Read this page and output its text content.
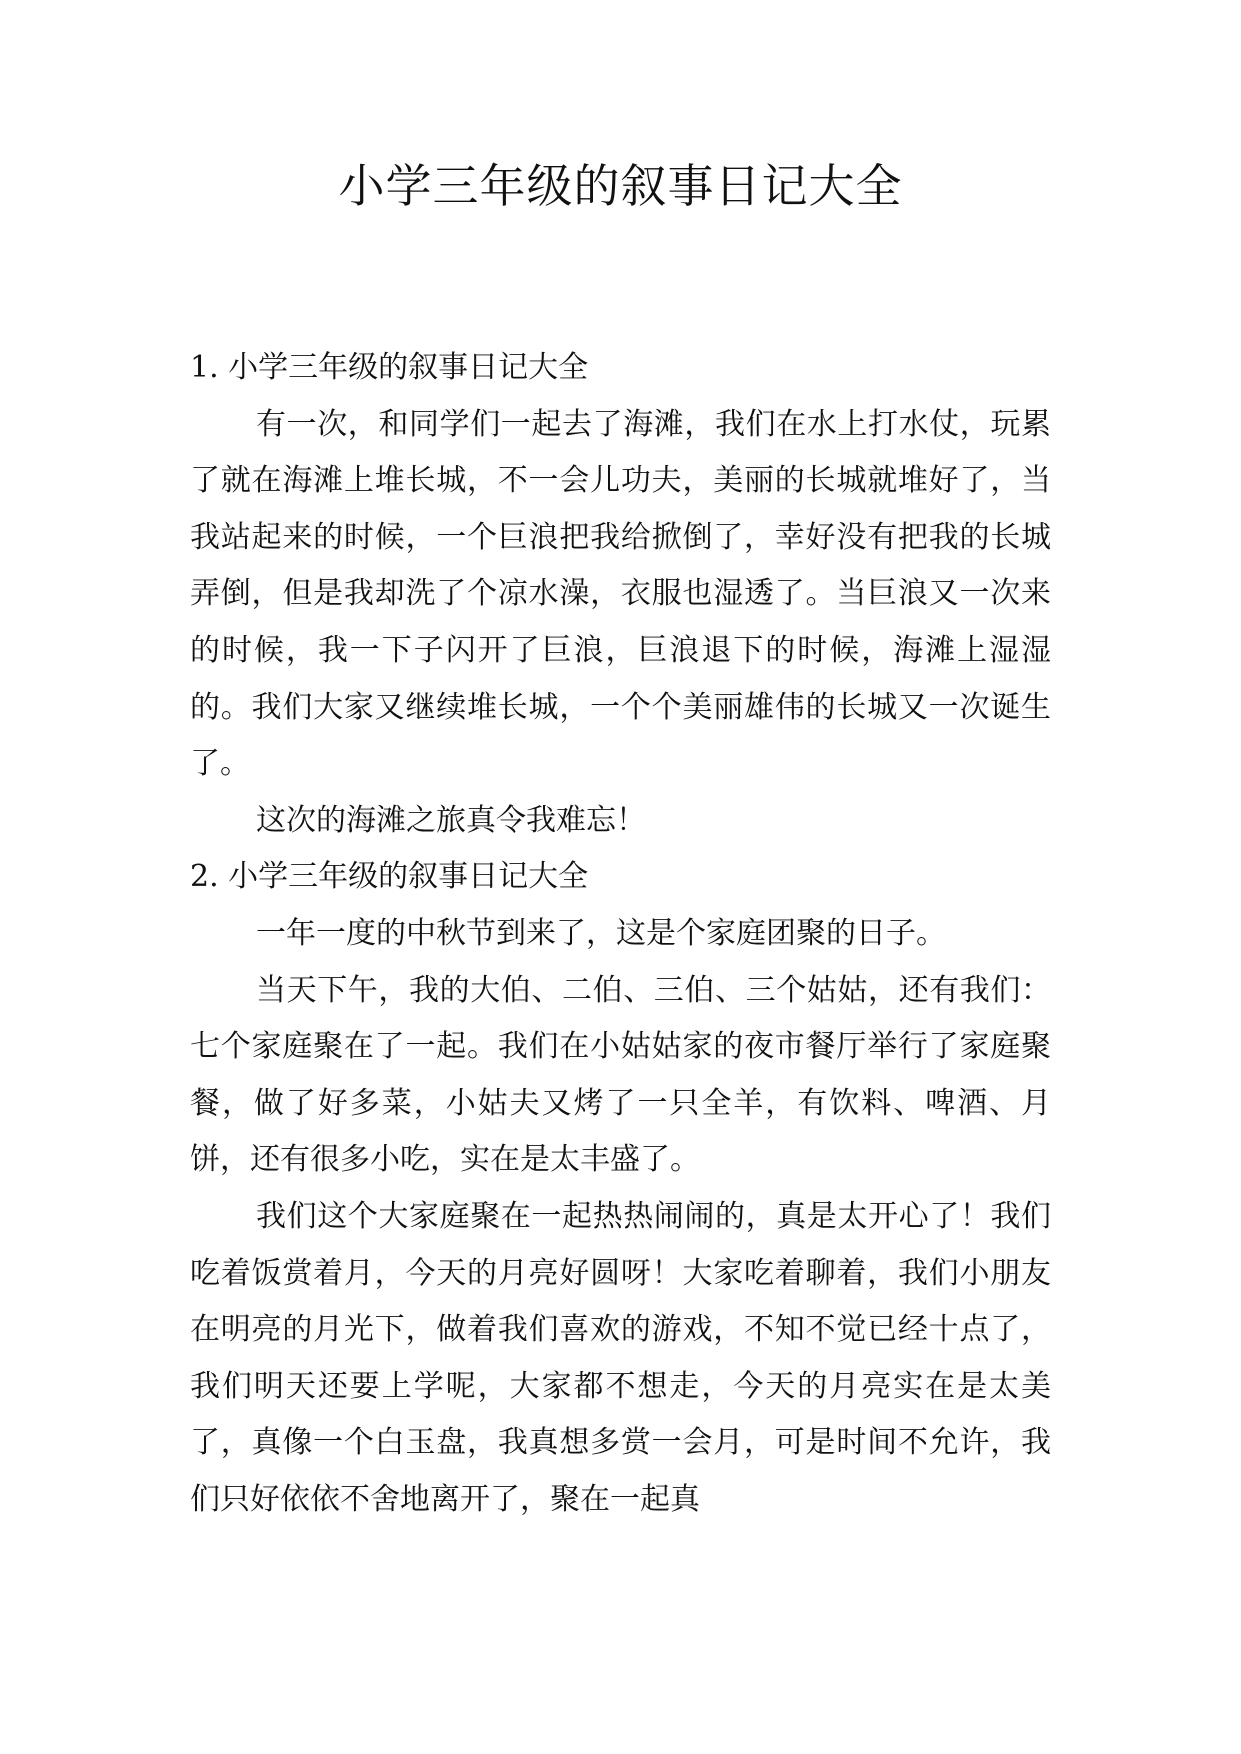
小学三年级的叙事日记大全

1. 小学三年级的叙事日记大全

有一次，和同学们一起去了海滩，我们在水上打水仗，玩累了就在海滩上堆长城，不一会儿功夫，美丽的长城就堆好了，当我站起来的时候，一个巨浪把我给掀倒了，幸好没有把我的长城弄倒，但是我却洗了个凉水澡，衣服也湿透了。当巨浪又一次来的时候，我一下子闪开了巨浪，巨浪退下的时候，海滩上湿湿的。我们大家又继续堆长城，一个个美丽雄伟的长城又一次诞生了。

这次的海滩之旅真令我难忘！

2. 小学三年级的叙事日记大全

一年一度的中秋节到来了，这是个家庭团聚的日子。

当天下午，我的大伯、二伯、三伯、三个姑姑，还有我们：七个家庭聚在了一起。我们在小姑姑家的夜市餐厅举行了家庭聚餐，做了好多菜，小姑夫又烤了一只全羊，有饮料、啤酒、月饼，还有很多小吃，实在是太丰盛了。

我们这个大家庭聚在一起热热闹闹的，真是太开心了！我们吃着饭赏着月，今天的月亮好圆呀！大家吃着聊着，我们小朋友在明亮的月光下，做着我们喜欢的游戏，不知不觉已经十点了，我们明天还要上学呢，大家都不想走，今天的月亮实在是太美了，真像一个白玉盘，我真想多赏一会月，可是时间不允许，我们只好依依不舍地离开了，聚在一起真
